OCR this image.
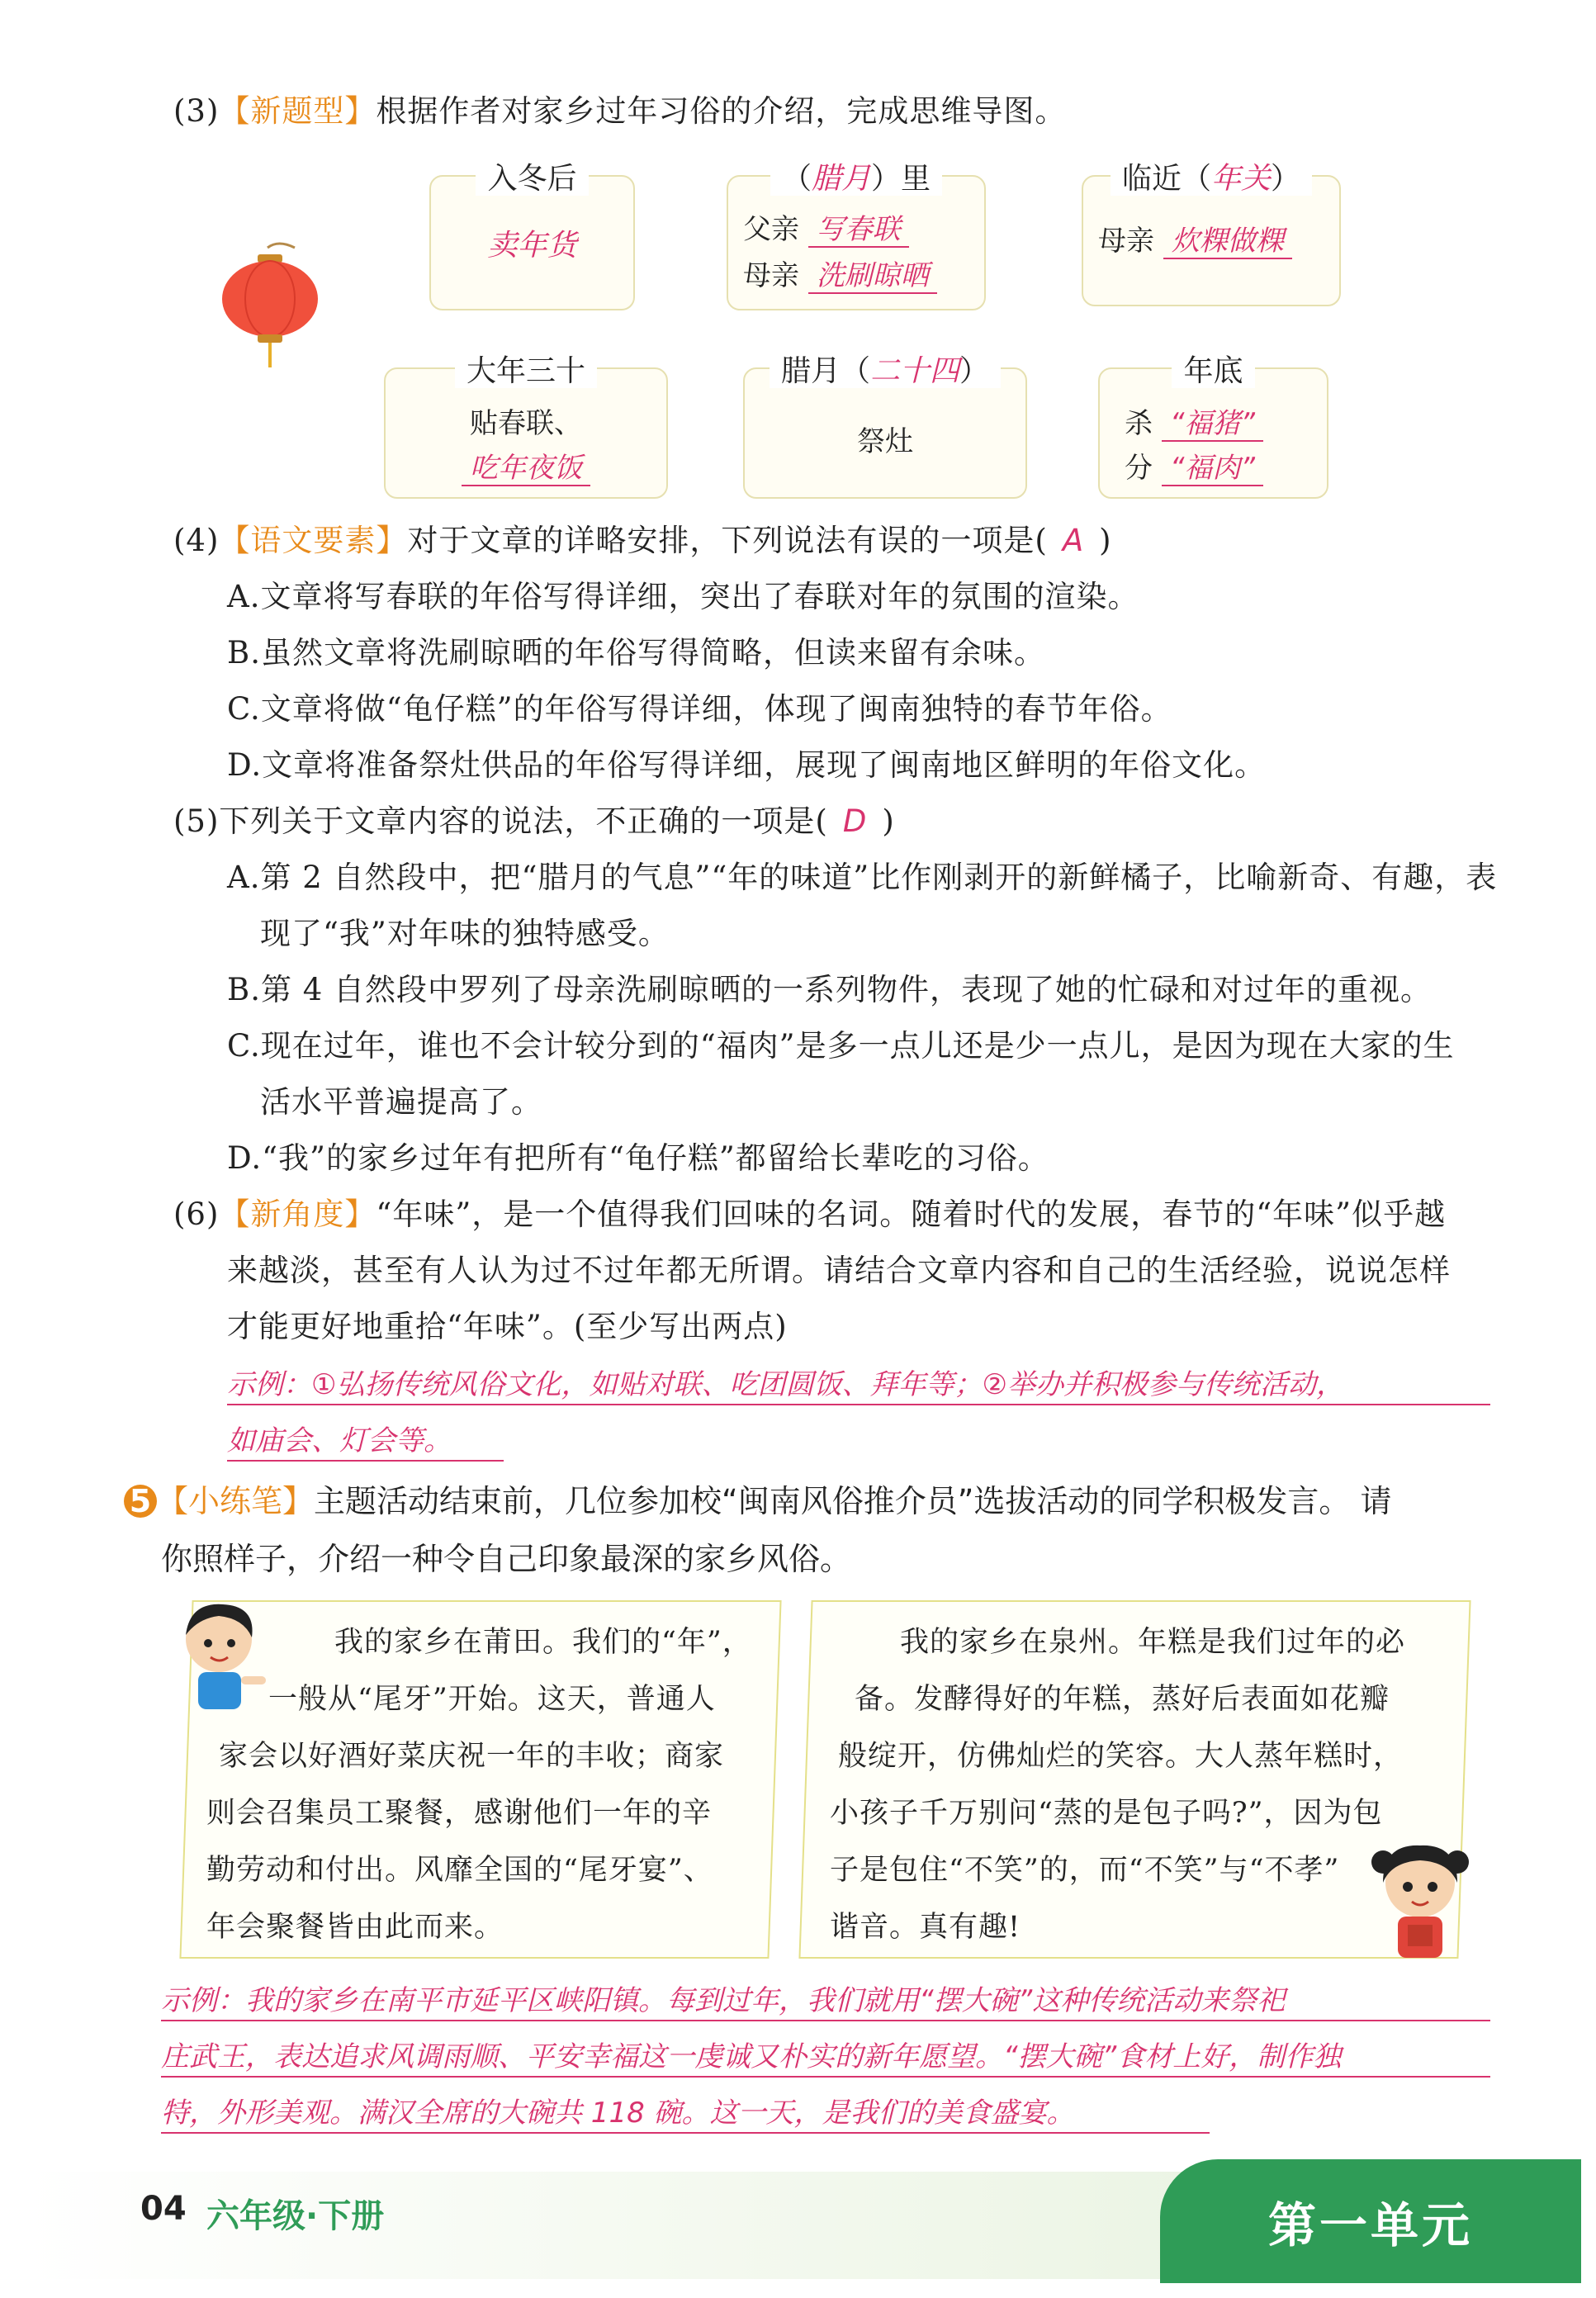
(3)【新题型】根据作者对家乡过年习俗的介绍，完成思维导图。
入冬后
卖年货
（腊月）里
父亲 写春联
母亲 洗刷晾晒
临近（年关）
母亲 炊粿做粿
大年三十
贴春联、
吃年夜饭
腊月（二十四）
祭灶
年底
杀 “福猪”
分 “福肉”
(4)【语文要素】对于文章的详略安排，下列说法有误的一项是( A )
A.文章将写春联的年俗写得详细，突出了春联对年的氛围的渲染。
B.虽然文章将洗刷晾晒的年俗写得简略，但读来留有余味。
C.文章将做“龟仔糕”的年俗写得详细，体现了闽南独特的春节年俗。
D.文章将准备祭灶供品的年俗写得详细，展现了闽南地区鲜明的年俗文化。
(5)下列关于文章内容的说法，不正确的一项是( D )
A.第 2 自然段中，把“腊月的气息”“年的味道”比作刚剥开的新鲜橘子，比喻新奇、有趣，表
现了“我”对年味的独特感受。
B.第 4 自然段中罗列了母亲洗刷晾晒的一系列物件，表现了她的忙碌和对过年的重视。
C.现在过年，谁也不会计较分到的“福肉”是多一点儿还是少一点儿，是因为现在大家的生
活水平普遍提高了。
D.“我”的家乡过年有把所有“龟仔糕”都留给长辈吃的习俗。
(6)【新角度】“年味”，是一个值得我们回味的名词。随着时代的发展，春节的“年味”似乎越
来越淡，甚至有人认为过不过年都无所谓。请结合文章内容和自己的生活经验，说说怎样
才能更好地重拾“年味”。(至少写出两点)
示例：①弘扬传统风俗文化，如贴对联、吃团圆饭、拜年等；②举办并积极参与传统活动，
如庙会、灯会等。
5 【小练笔】主题活动结束前，几位参加校“闽南风俗推介员”选拔活动的同学积极发言。 请
你照样子，介绍一种令自己印象最深的家乡风俗。
我的家乡在莆田。我们的“年”，
一般从“尾牙”开始。这天，普通人
家会以好酒好菜庆祝一年的丰收；商家
则会召集员工聚餐，感谢他们一年的辛
勤劳动和付出。风靡全国的“尾牙宴”、
年会聚餐皆由此而来。
我的家乡在泉州。年糕是我们过年的必
备。发酵得好的年糕，蒸好后表面如花瓣
般绽开，仿佛灿烂的笑容。大人蒸年糕时，
小孩子千万别问“蒸的是包子吗?”，因为包
子是包住“不笑”的，而“不笑”与“不孝”
谐音。真有趣!
示例：我的家乡在南平市延平区峡阳镇。每到过年，我们就用“摆大碗”这种传统活动来祭祀
庄武王，表达追求风调雨顺、平安幸福这一虔诚又朴实的新年愿望。“摆大碗”食材上好，制作独
特，外形美观。满汉全席的大碗共 118 碗。这一天，是我们的美食盛宴。
04 六年级·下册	第一单元
